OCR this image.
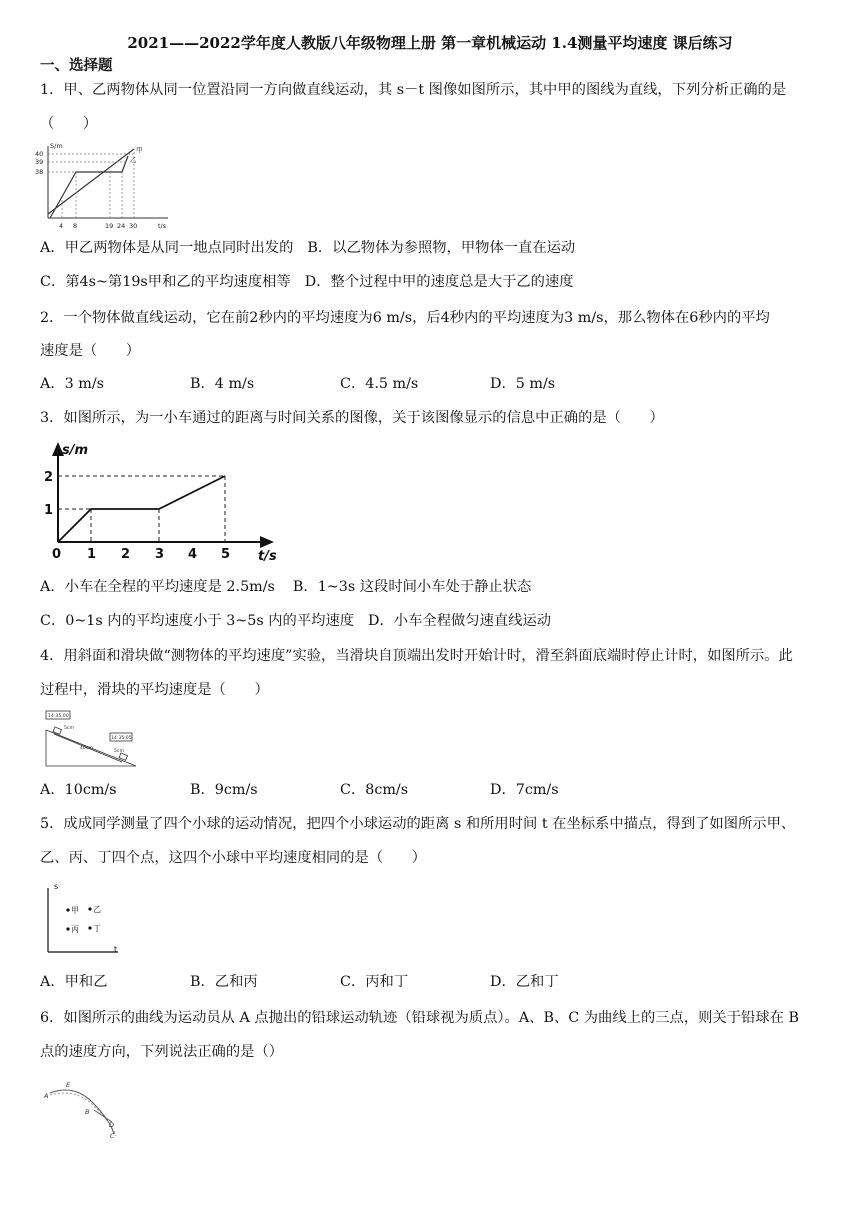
2021——2022学年度人教版八年级物理上册 第一章机械运动 1.4测量平均速度 课后练习
一、选择题
1．甲、乙两物体从同一位置沿同一方向做直线运动，其 s－t 图像如图所示，其中甲的图线为直线，下列分析正确的是
（　　）
S/m
40
39
38
4 8	19 24 30	t/s
甲
乙
A．甲乙两物体是从同一地点同时出发的 B．以乙物体为参照物，甲物体一直在运动
C．第4s~第19s甲和乙的平均速度相等 D．整个过程中甲的速度总是大于乙的速度
2．一个物体做直线运动，它在前2秒内的平均速度为6 m/s，后4秒内的平均速度为3 m/s，那么物体在6秒内的平均
速度是（　　）
A．3 m/s	B．4 m/s	C．4.5 m/s	D．5 m/s
3．如图所示，为一小车通过的距离与时间关系的图像，关于该图像显示的信息中正确的是（　　）
s/m
2
1
0 1 2 3 4 5 t/s
A．小车在全程的平均速度是 2.5m/s B．1~3s 这段时间小车处于静止状态
C．0~1s 内的平均速度小于 3~5s 内的平均速度 D．小车全程做匀速直线运动
4．用斜面和滑块做“测物体的平均速度”实验，当滑块自顶端出发时开始计时，滑至斜面底端时停止计时，如图所示。此
过程中，滑块的平均速度是（　　）
14:35:00
14:35:05
5cm
40cm
5cm
A．10cm/s	B．9cm/s	C．8cm/s	D．7cm/s
5．成成同学测量了四个小球的运动情况，把四个小球运动的距离 s 和所用时间 t 在坐标系中描点，得到了如图所示甲、
乙、丙、丁四个点，这四个小球中平均速度相同的是（　　）
s
t
甲 乙
丙 丁
A．甲和乙	B．乙和丙	C．丙和丁	D．乙和丁
6．如图所示的曲线为运动员从 A 点抛出的铅球运动轨迹（铅球视为质点）。A、B、C 为曲线上的三点，则关于铅球在 B
点的速度方向，下列说法正确的是（）
A
E
B
D
C
